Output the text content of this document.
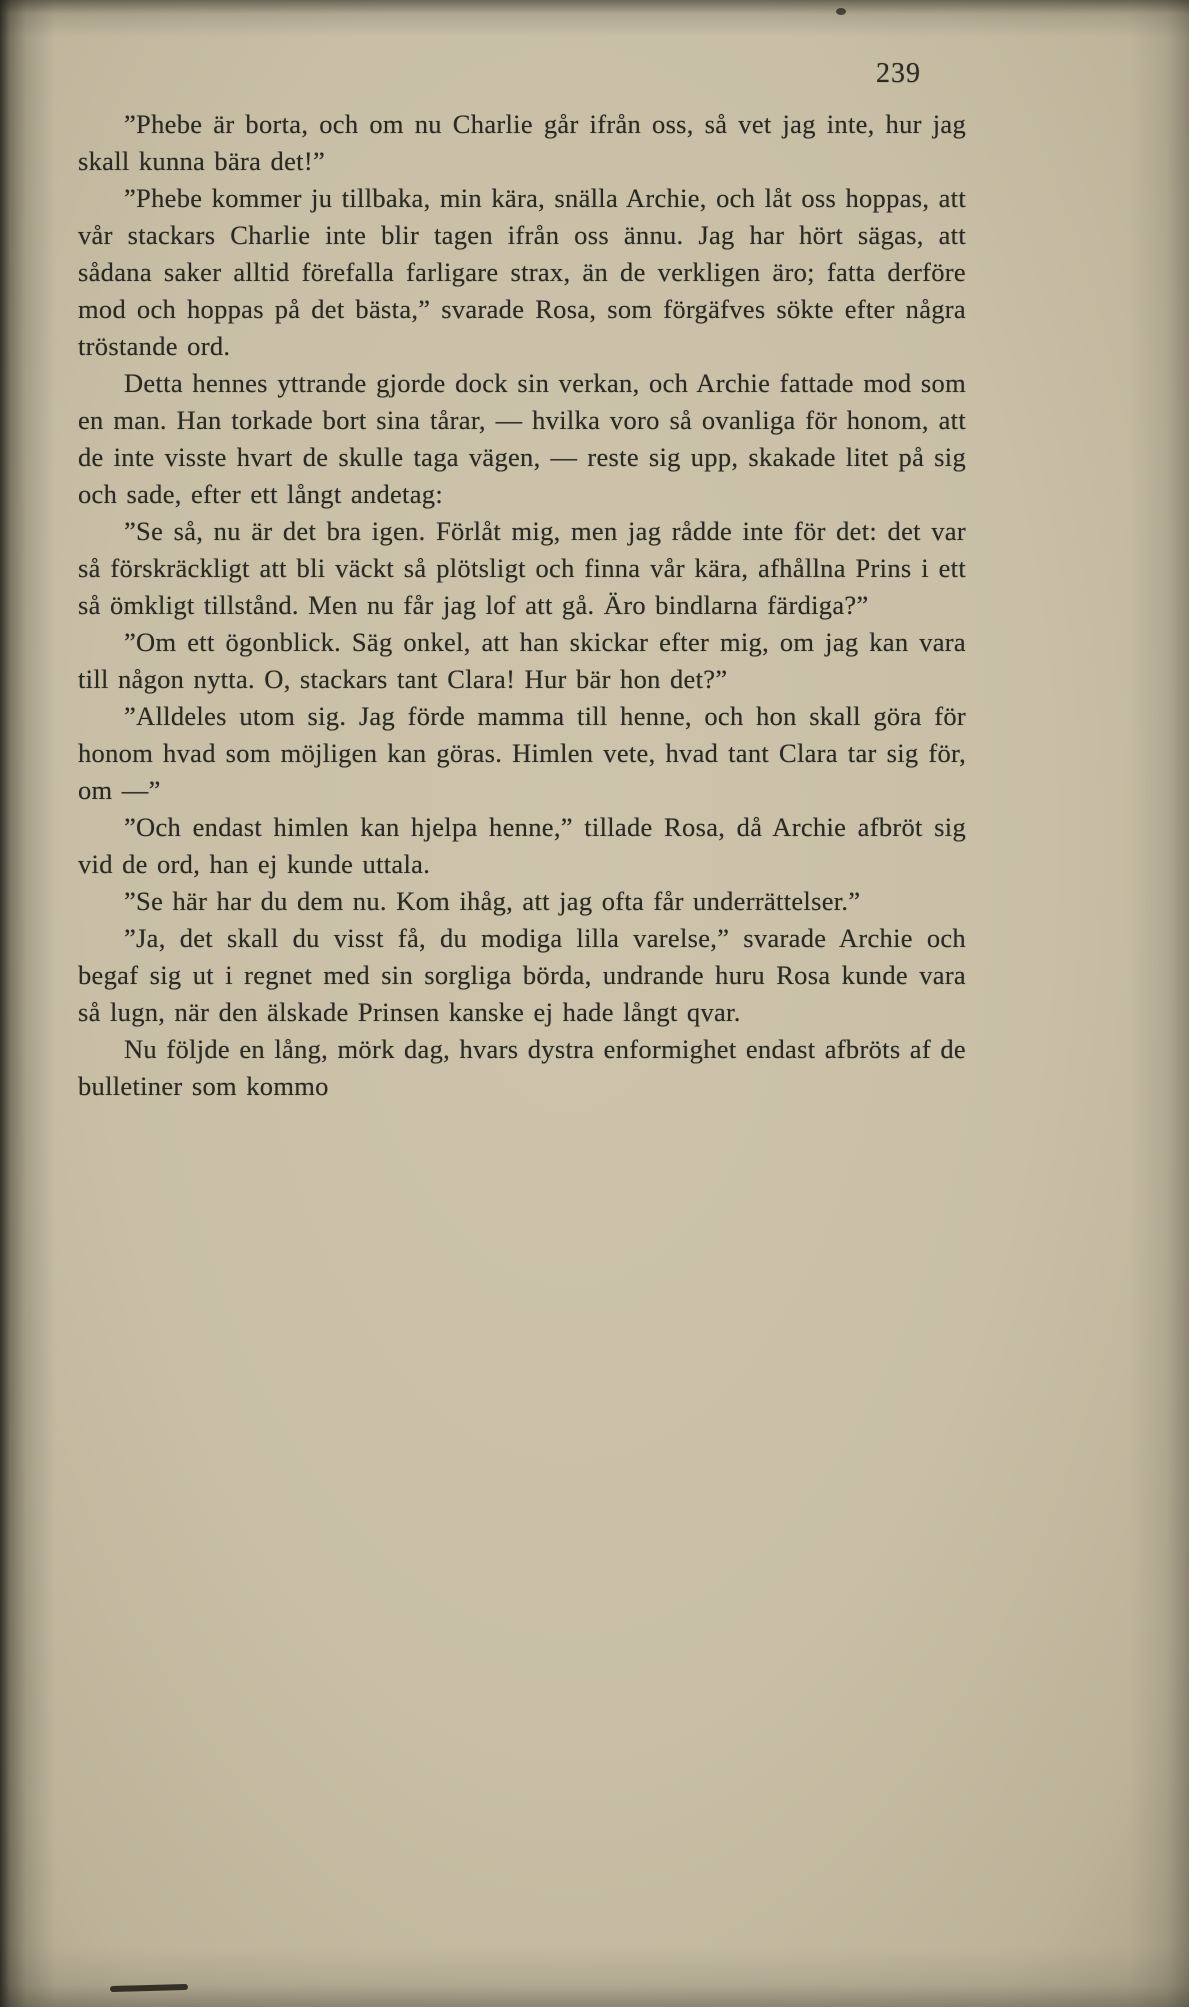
239

”Phebe är borta, och om nu Charlie går ifrån oss, så vet jag inte, hur jag skall kunna bära det!”

”Phebe kommer ju tillbaka, min kära, snälla Archie, och låt oss hoppas, att vår stackars Charlie inte blir tagen ifrån oss ännu. Jag har hört sägas, att sådana saker alltid förefalla farligare strax, än de verkligen äro; fatta derföre mod och hoppas på det bästa,” svarade Rosa, som förgäfves sökte efter några tröstande ord.

Detta hennes yttrande gjorde dock sin verkan, och Archie fattade mod som en man. Han torkade bort sina tårar, — hvilka voro så ovanliga för honom, att de inte visste hvart de skulle taga vägen, — reste sig upp, skakade litet på sig och sade, efter ett långt andetag:

”Se så, nu är det bra igen. Förlåt mig, men jag rådde inte för det: det var så förskräckligt att bli väckt så plötsligt och finna vår kära, afhållna Prins i ett så ömkligt tillstånd. Men nu får jag lof att gå. Äro bindlarna färdiga?”

”Om ett ögonblick. Säg onkel, att han skickar efter mig, om jag kan vara till någon nytta. O, stackars tant Clara! Hur bär hon det?”

”Alldeles utom sig. Jag förde mamma till henne, och hon skall göra för honom hvad som möjligen kan göras. Himlen vete, hvad tant Clara tar sig för, om —”

”Och endast himlen kan hjelpa henne,” tillade Rosa, då Archie afbröt sig vid de ord, han ej kunde uttala.

”Se här har du dem nu. Kom ihåg, att jag ofta får underrättelser.”

”Ja, det skall du visst få, du modiga lilla varelse,” svarade Archie och begaf sig ut i regnet med sin sorgliga börda, undrande huru Rosa kunde vara så lugn, när den älskade Prinsen kanske ej hade långt qvar.

Nu följde en lång, mörk dag, hvars dystra enformighet endast afbröts af de bulletiner som kommo
